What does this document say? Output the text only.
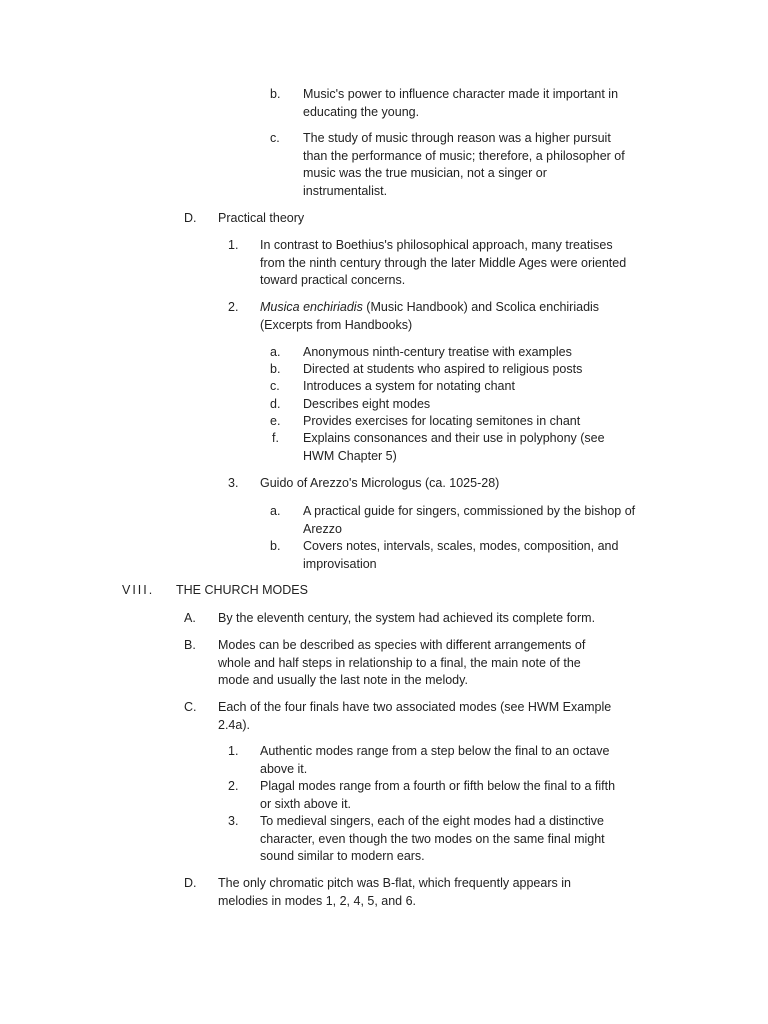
b. Music's power to influence character made it important in educating the young.
c. The study of music through reason was a higher pursuit than the performance of music; therefore, a philosopher of music was the true musician, not a singer or instrumentalist.
D. Practical theory
1. In contrast to Boethius's philosophical approach, many treatises from the ninth century through the later Middle Ages were oriented toward practical concerns.
2. Musica enchiriadis (Music Handbook) and Scolica enchiriadis (Excerpts from Handbooks)
a. Anonymous ninth-century treatise with examples
b. Directed at students who aspired to religious posts
c. Introduces a system for notating chant
d. Describes eight modes
e. Provides exercises for locating semitones in chant
f. Explains consonances and their use in polyphony (see HWM Chapter 5)
3. Guido of Arezzo's Micrologus (ca. 1025-28)
a. A practical guide for singers, commissioned by the bishop of Arezzo
b. Covers notes, intervals, scales, modes, composition, and improvisation
VIII. THE CHURCH MODES
A. By the eleventh century, the system had achieved its complete form.
B. Modes can be described as species with different arrangements of whole and half steps in relationship to a final, the main note of the mode and usually the last note in the melody.
C. Each of the four finals have two associated modes (see HWM Example 2.4a).
1. Authentic modes range from a step below the final to an octave above it.
2. Plagal modes range from a fourth or fifth below the final to a fifth or sixth above it.
3. To medieval singers, each of the eight modes had a distinctive character, even though the two modes on the same final might sound similar to modern ears.
D. The only chromatic pitch was B-flat, which frequently appears in melodies in modes 1, 2, 4, 5, and 6.
